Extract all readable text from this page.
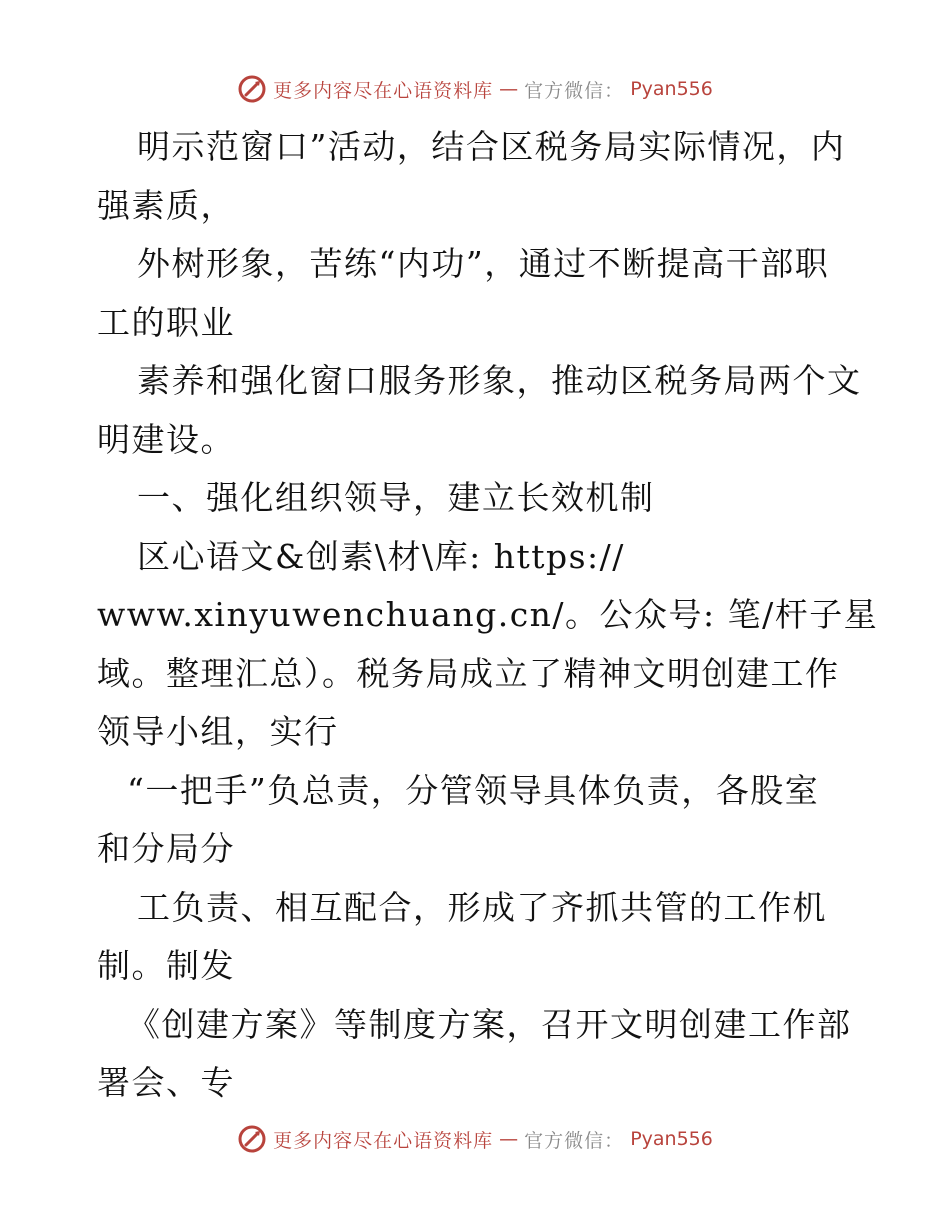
更多内容尽在心语资料库 — 官方微信： Pyan556
明示范窗口”活动，结合区税务局实际情况，内
强素质，
外树形象，苦练“内功”，通过不断提高干部职
工的职业
素养和强化窗口服务形象，推动区税务局两个文
明建设。
一、强化组织领导，建立长效机制
区心语文&创素\材\库: https://
www.xinyuwenchuang.cn/。公众号: 笔/杆子星
域。整理汇总）。税务局成立了精神文明创建工作
领导小组，实行
“一把手”负总责，分管领导具体负责，各股室
和分局分
工负责、相互配合，形成了齐抓共管的工作机
制。制发
《创建方案》等制度方案，召开文明创建工作部
署会、专
更多内容尽在心语资料库 — 官方微信： Pyan556
